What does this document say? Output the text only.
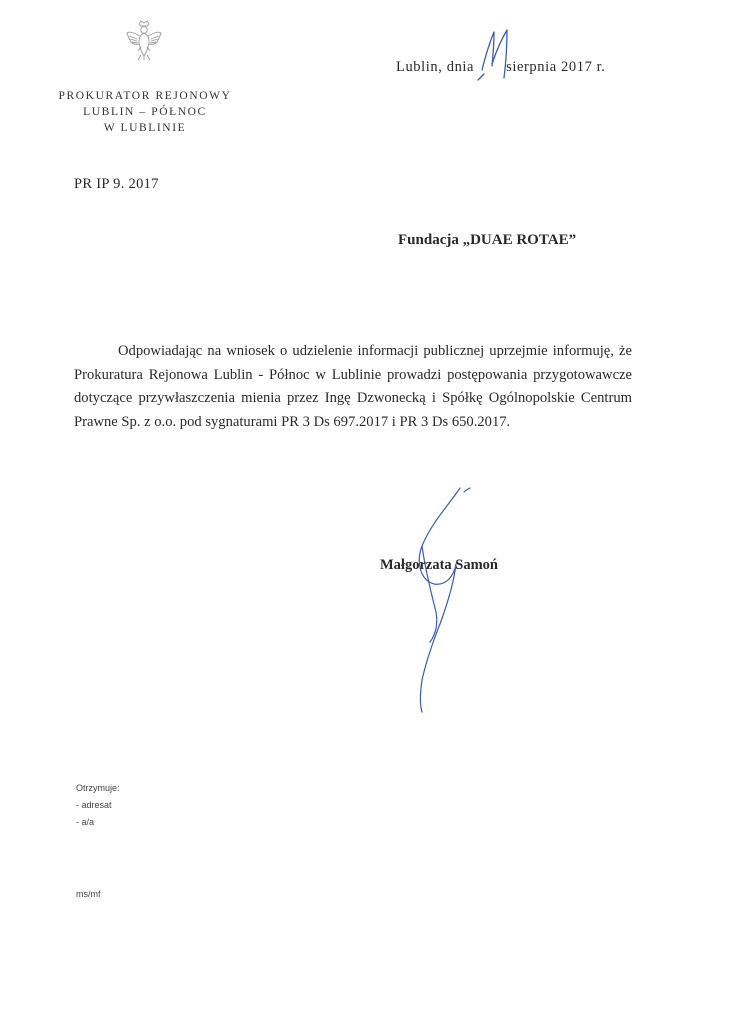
PROKURATOR REJONOWY
LUBLIN – PÓŁNOC
W LUBLINIE
Lublin, dnia sierpnia 2017 r.
PR IP 9. 2017
Fundacja „DUAE ROTAE”

Odpowiadając na wniosek o udzielenie informacji publicznej uprzejmie informuję, że Prokuratura Rejonowa Lublin - Północ w Lublinie prowadzi postępowania przygotowawcze dotyczące przywłaszczenia mienia przez Ingę Dzwonecką i Spółkę Ogólnopolskie Centrum Prawne Sp. z o.o. pod sygnaturami PR 3 Ds 697.2017 i PR 3 Ds 650.2017.

Małgorzata Samoń
Otrzymuje:
- adresat
- a/a
ms/mf
